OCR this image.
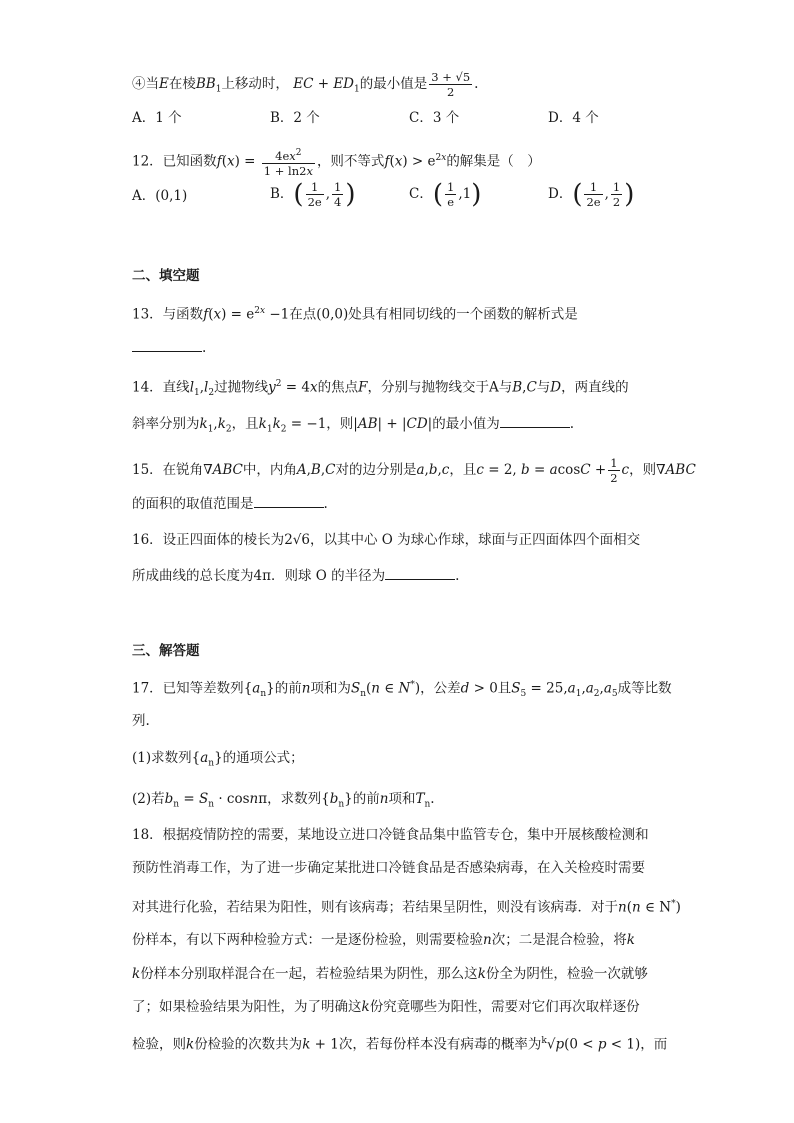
④当E在棱$BB_1$上移动时， EC + $ED_1$的最小值是 $\frac{3 + √5}{2}$ .
A．1 个	B．2 个	C．3 个	D．4 个
12．已知函数$f(x) = \frac{4ex^2}{1 + \ln 2x}$ ，则不等式$f(x) > e^{2x}$的解集是（　）
A．(0,1)	B．( $\frac{1}{2e}$ , $\frac{1}{4}$ )	C．( $\frac{1}{e} ,1$)	D．( $\frac{1}{2e}$ , $\frac{1}{2}$ )
二、填空题
13．与函数$f(x) = e^{2x} -1$在点(0,0)处具有相同切线的一个函数的解析式是
.
14．直线$l_1,l_2$过抛物线$y^2 = 4x$的焦点F，分别与抛物线交于A与B,C与D，两直线的
斜率分别为$k_1,k_2$，且$k_1k_2 = -1$，则|AB| + |CD|的最小值为	.
15．在锐角∇ABC中，内角A,B,C对的边分别是a,b,c，且c = 2, $b = acosC + \frac{1}{2}$ c，则∇ABC
的面积的取值范围是	.
16．设正四面体的棱长为2√6，以其中心 O 为球心作球，球面与正四面体四个面相交
所成曲线的总长度为4π．则球 O 的半径为	.
三、解答题
17．已知等差数列$\{a_n\}$的前n项和为$S_n(n$ ∈ N*)，公差d > 0且$S_5 = 25,a_1,a_2,a_5$成等比数
列.
(1)求数列$\{a_n\}$的通项公式；
(2)若$b_n = S_n \cdot \cos n\pi$，求数列$\{b_n\}$的前n项和$T_n$.
18．根据疫情防控的需要，某地设立进口冷链食品集中监管专仓，集中开展核酸检测和
预防性消毒工作，为了进一步确定某批进口冷链食品是否感染病毒，在入关检疫时需要
对其进行化验，若结果为阳性，则有该病毒；若结果呈阴性，则没有该病毒．对于n(n ∈ N*)
份样本，有以下两种检验方式：一是逐份检验，则需要检验n次；二是混合检验，将k
k份样本分别取样混合在一起，若检验结果为阴性，那么这k份全为阴性，检验一次就够
了；如果检验结果为阳性，为了明确这k份究竟哪些为阳性，需要对它们再次取样逐份
检验，则k份检验的次数共为k + 1次，若每份样本没有病毒的概率为$^k$√p(0 < p < 1)，而
